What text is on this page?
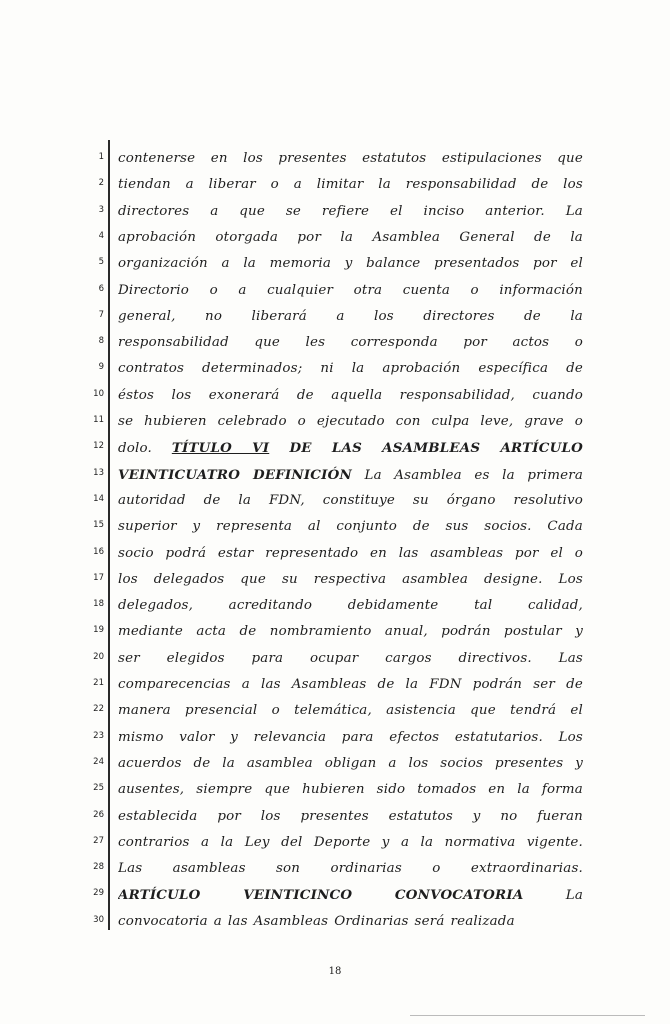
1 contenerse en los presentes estatutos estipulaciones que
2 tiendan a liberar o a limitar la responsabilidad de los
3 directores a que se refiere el inciso anterior. La
4 aprobación otorgada por la Asamblea General de la
5 organización a la memoria y balance presentados por el
6 Directorio o a cualquier otra cuenta o información
7 general, no liberará a los directores de la
8 responsabilidad que les corresponda por actos o
9 contratos determinados; ni la aprobación específica de
10 éstos los exonerará de aquella responsabilidad, cuando
11 se hubieren celebrado o ejecutado con culpa leve, grave o
12 dolo. TÍTULO VI DE LAS ASAMBLEAS ARTÍCULO
13 VEINTICUATRO DEFINICIÓN La Asamblea es la primera
14 autoridad de la FDN, constituye su órgano resolutivo
15 superior y representa al conjunto de sus socios. Cada
16 socio podrá estar representado en las asambleas por el o
17 los delegados que su respectiva asamblea designe. Los
18 delegados, acreditando debidamente tal calidad,
19 mediante acta de nombramiento anual, podrán postular y
20 ser elegidos para ocupar cargos directivos. Las
21 comparecencias a las Asambleas de la FDN podrán ser de
22 manera presencial o telemática, asistencia que tendrá el
23 mismo valor y relevancia para efectos estatutarios. Los
24 acuerdos de la asamblea obligan a los socios presentes y
25 ausentes, siempre que hubieren sido tomados en la forma
26 establecida por los presentes estatutos y no fueran
27 contrarios a la Ley del Deporte y a la normativa vigente.
28 Las asambleas son ordinarias o extraordinarias.
29 ARTÍCULO VEINTICINCO CONVOCATORIA La
30 convocatoria a las Asambleas Ordinarias será realizada
18
